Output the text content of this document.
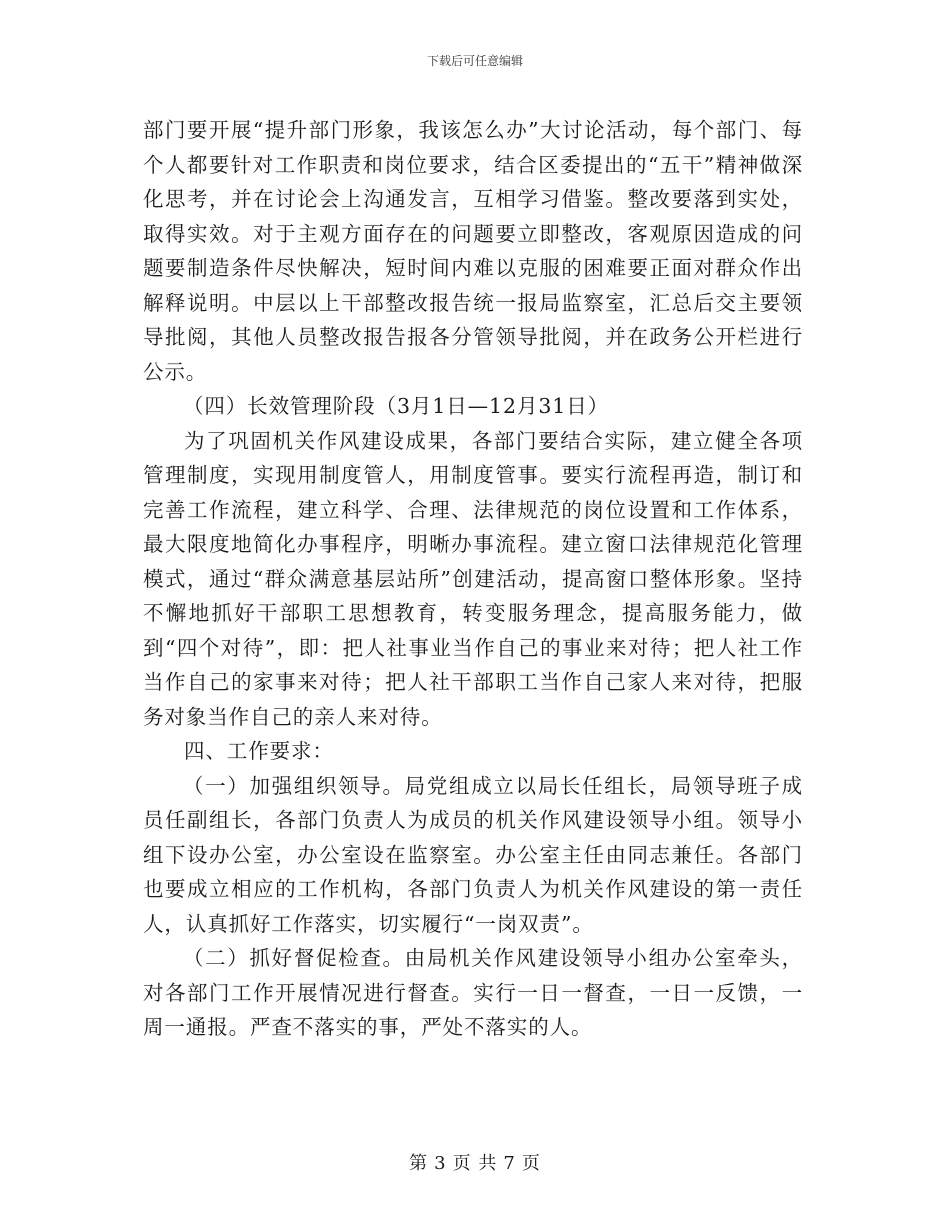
下载后可任意编辑

部门要开展“提升部门形象，我该怎么办”大讨论活动，每个部门、每个人都要针对工作职责和岗位要求，结合区委提出的“五干”精神做深化思考，并在讨论会上沟通发言，互相学习借鉴。整改要落到实处，取得实效。对于主观方面存在的问题要立即整改，客观原因造成的问题要制造条件尽快解决，短时间内难以克服的困难要正面对群众作出解释说明。中层以上干部整改报告统一报局监察室，汇总后交主要领导批阅，其他人员整改报告报各分管领导批阅，并在政务公开栏进行公示。

（四）长效管理阶段（3月1日—12月31日）

为了巩固机关作风建设成果，各部门要结合实际，建立健全各项管理制度，实现用制度管人，用制度管事。要实行流程再造，制订和完善工作流程，建立科学、合理、法律规范的岗位设置和工作体系，最大限度地简化办事程序，明晰办事流程。建立窗口法律规范化管理模式，通过“群众满意基层站所”创建活动，提高窗口整体形象。坚持不懈地抓好干部职工思想教育，转变服务理念，提高服务能力，做到“四个对待”，即：把人社事业当作自己的事业来对待；把人社工作当作自己的家事来对待；把人社干部职工当作自己家人来对待，把服务对象当作自己的亲人来对待。

四、工作要求：

（一）加强组织领导。局党组成立以局长任组长，局领导班子成员任副组长，各部门负责人为成员的机关作风建设领导小组。领导小组下设办公室，办公室设在监察室。办公室主任由同志兼任。各部门也要成立相应的工作机构，各部门负责人为机关作风建设的第一责任人，认真抓好工作落实，切实履行“一岗双责”。

（二）抓好督促检查。由局机关作风建设领导小组办公室牵头，对各部门工作开展情况进行督查。实行一日一督查，一日一反馈，一周一通报。严查不落实的事，严处不落实的人。

第 3 页 共 7 页
